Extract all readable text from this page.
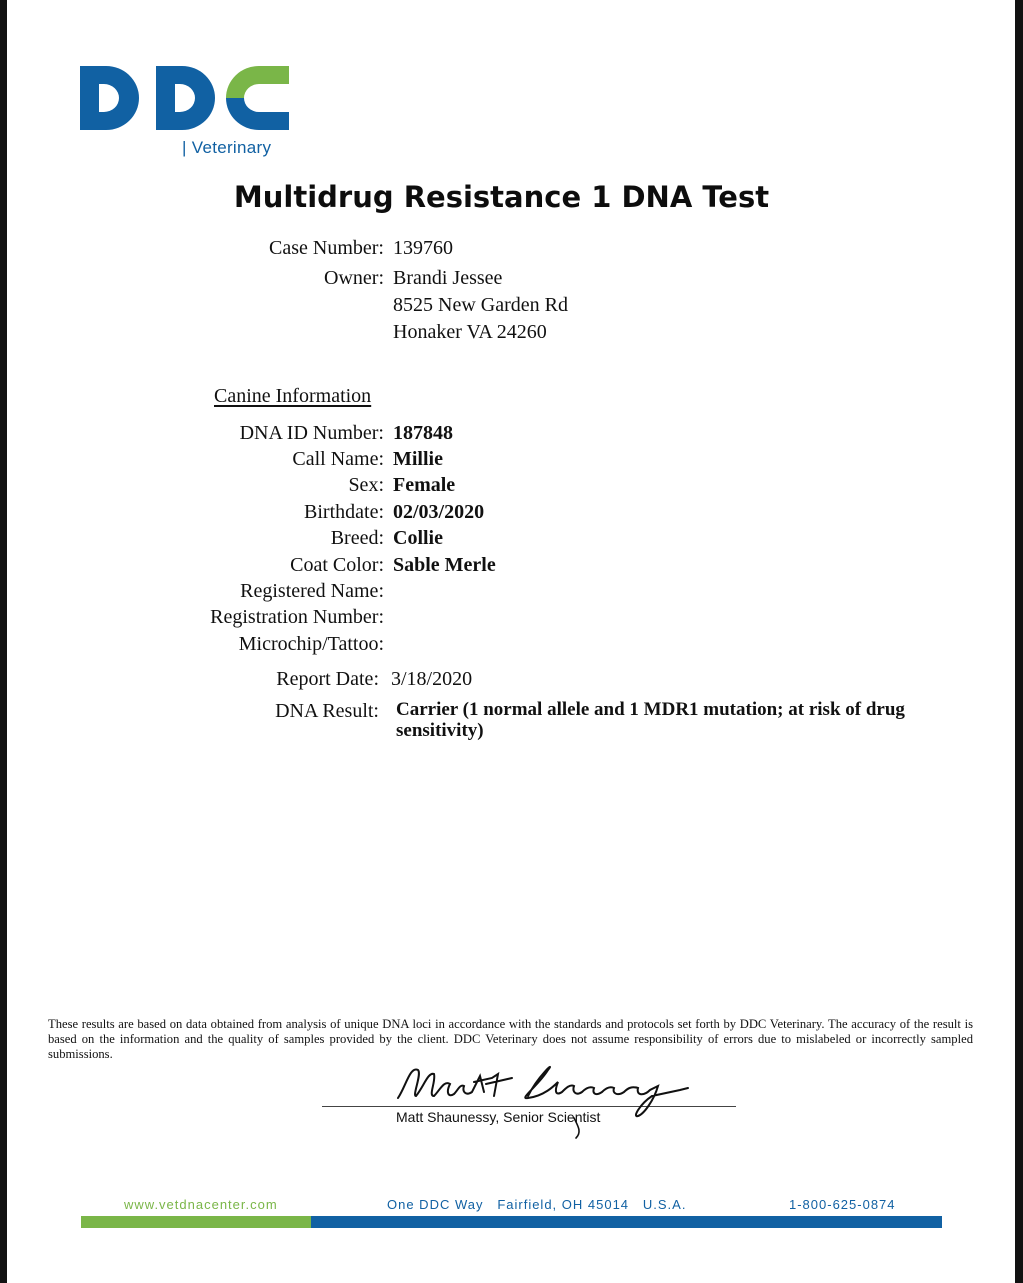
| Veterinary
Multidrug Resistance 1 DNA Test
Case Number: 139760
Owner: Brandi Jessee
8525 New Garden Rd
Honaker VA 24260
Canine Information
DNA ID Number: 187848
Call Name: Millie
Sex: Female
Birthdate: 02/03/2020
Breed: Collie
Coat Color: Sable Merle
Registered Name:
Registration Number:
Microchip/Tattoo:
Report Date: 3/18/2020
DNA Result: Carrier (1 normal allele and 1 MDR1 mutation; at risk of drug sensitivity)
These results are based on data obtained from analysis of unique DNA loci in accordance with the standards and protocols set forth by DDC Veterinary. The accuracy of the result is based on the information and the quality of samples provided by the client. DDC Veterinary does not assume responsibility of errors due to mislabeled or incorrectly sampled submissions.
Matt Shaunessy, Senior Scientist
www.vetdnacenter.com	One DDC Way   Fairfield, OH 45014   U.S.A.	1-800-625-0874
